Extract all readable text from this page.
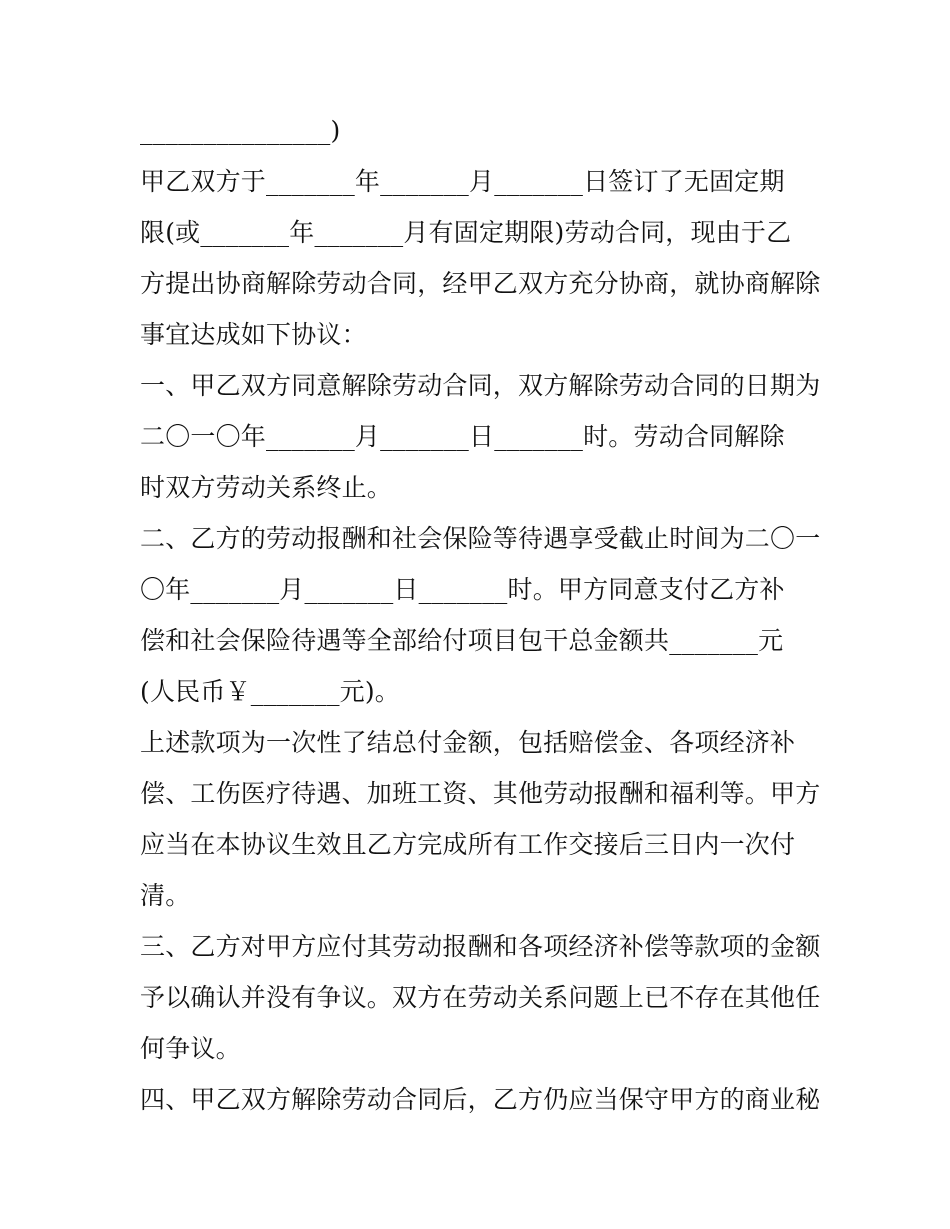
_______________)
甲乙双方于_______年_______月_______日签订了无固定期
限(或_______年_______月有固定期限)劳动合同，现由于乙
方提出协商解除劳动合同，经甲乙双方充分协商，就协商解除
事宜达成如下协议：
一、甲乙双方同意解除劳动合同，双方解除劳动合同的日期为
二〇一〇年_______月_______日_______时。劳动合同解除
时双方劳动关系终止。
二、乙方的劳动报酬和社会保险等待遇享受截止时间为二〇一
〇年_______月_______日_______时。甲方同意支付乙方补
偿和社会保险待遇等全部给付项目包干总金额共_______元
(人民币￥_______元)。
上述款项为一次性了结总付金额，包括赔偿金、各项经济补
偿、工伤医疗待遇、加班工资、其他劳动报酬和福利等。甲方
应当在本协议生效且乙方完成所有工作交接后三日内一次付
清。
三、乙方对甲方应付其劳动报酬和各项经济补偿等款项的金额
予以确认并没有争议。双方在劳动关系问题上已不存在其他任
何争议。
四、甲乙双方解除劳动合同后，乙方仍应当保守甲方的商业秘
